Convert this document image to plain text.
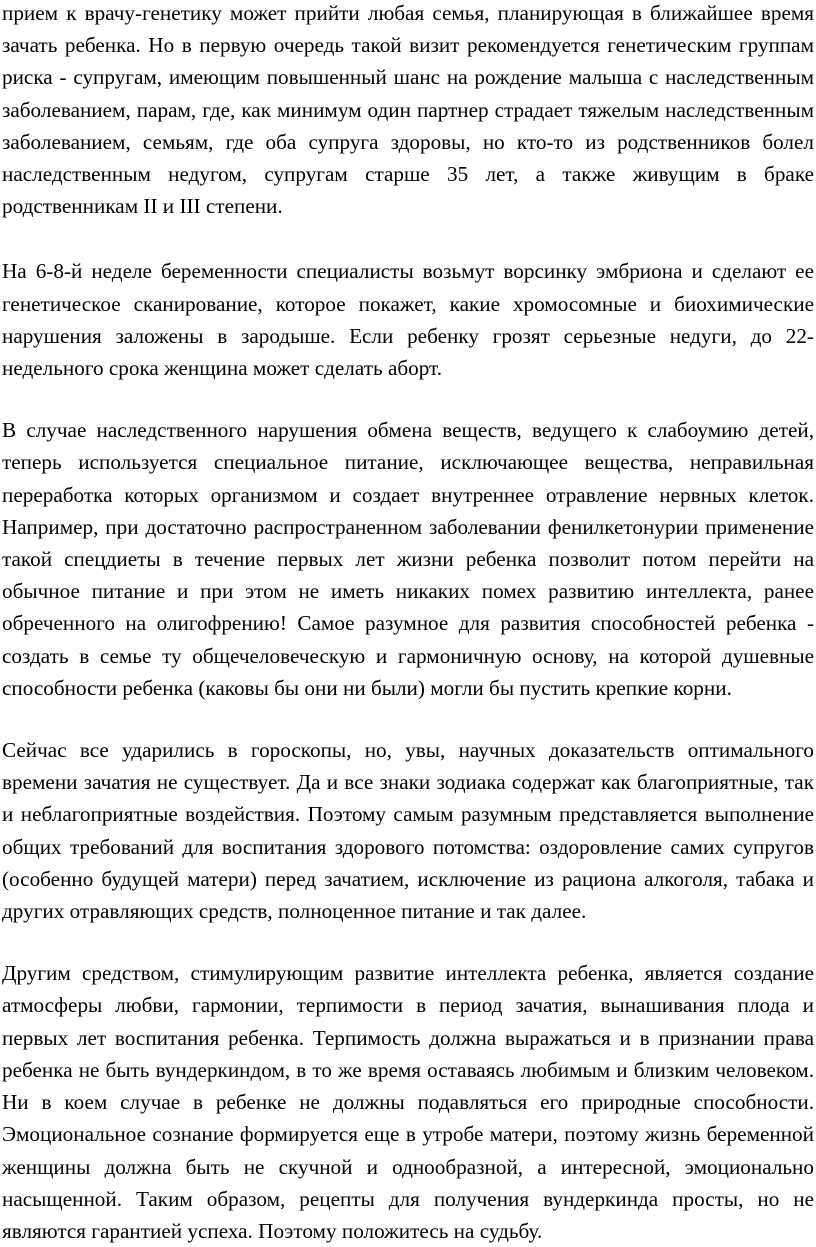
прием к врачу-генетику может прийти любая семья, планирующая в ближайшее время зачать ребенка. Но в первую очередь такой визит рекомендуется генетическим группам риска - супругам, имеющим повышенный шанс на рождение малыша с наследственным заболеванием, парам, где, как минимум один партнер страдает тяжелым наследственным заболеванием, семьям, где оба супруга здоровы, но кто-то из родственников болел наследственным недугом, супругам старше 35 лет, а также живущим в браке родственникам II и III степени.

На 6-8-й неделе беременности специалисты возьмут ворсинку эмбриона и сделают ее генетическое сканирование, которое покажет, какие хромосомные и биохимические нарушения заложены в зародыше. Если ребенку грозят серьезные недуги, до 22-недельного срока женщина может сделать аборт.

В случае наследственного нарушения обмена веществ, ведущего к слабоумию детей, теперь используется специальное питание, исключающее вещества, неправильная переработка которых организмом и создает внутреннее отравление нервных клеток. Например, при достаточно распространенном заболевании фенилкетонурии применение такой спецдиеты в течение первых лет жизни ребенка позволит потом перейти на обычное питание и при этом не иметь никаких помех развитию интеллекта, ранее обреченного на олигофрению! Самое разумное для развития способностей ребенка - создать в семье ту общечеловеческую и гармоничную основу, на которой душевные способности ребенка (каковы бы они ни были) могли бы пустить крепкие корни.

Сейчас все ударились в гороскопы, но, увы, научных доказательств оптимального времени зачатия не существует. Да и все знаки зодиака содержат как благоприятные, так и неблагоприятные воздействия. Поэтому самым разумным представляется выполнение общих требований для воспитания здорового потомства: оздоровление самих супругов (особенно будущей матери) перед зачатием, исключение из рациона алкоголя, табака и других отравляющих средств, полноценное питание и так далее.

Другим средством, стимулирующим развитие интеллекта ребенка, является создание атмосферы любви, гармонии, терпимости в период зачатия, вынашивания плода и первых лет воспитания ребенка. Терпимость должна выражаться и в признании права ребенка не быть вундеркиндом, в то же время оставаясь любимым и близким человеком. Ни в коем случае в ребенке не должны подавляться его природные способности. Эмоциональное сознание формируется еще в утробе матери, поэтому жизнь беременной женщины должна быть не скучной и однообразной, а интересной, эмоционально насыщенной. Таким образом, рецепты для получения вундеркинда просты, но не являются гарантией успеха. Поэтому положитесь на судьбу.
